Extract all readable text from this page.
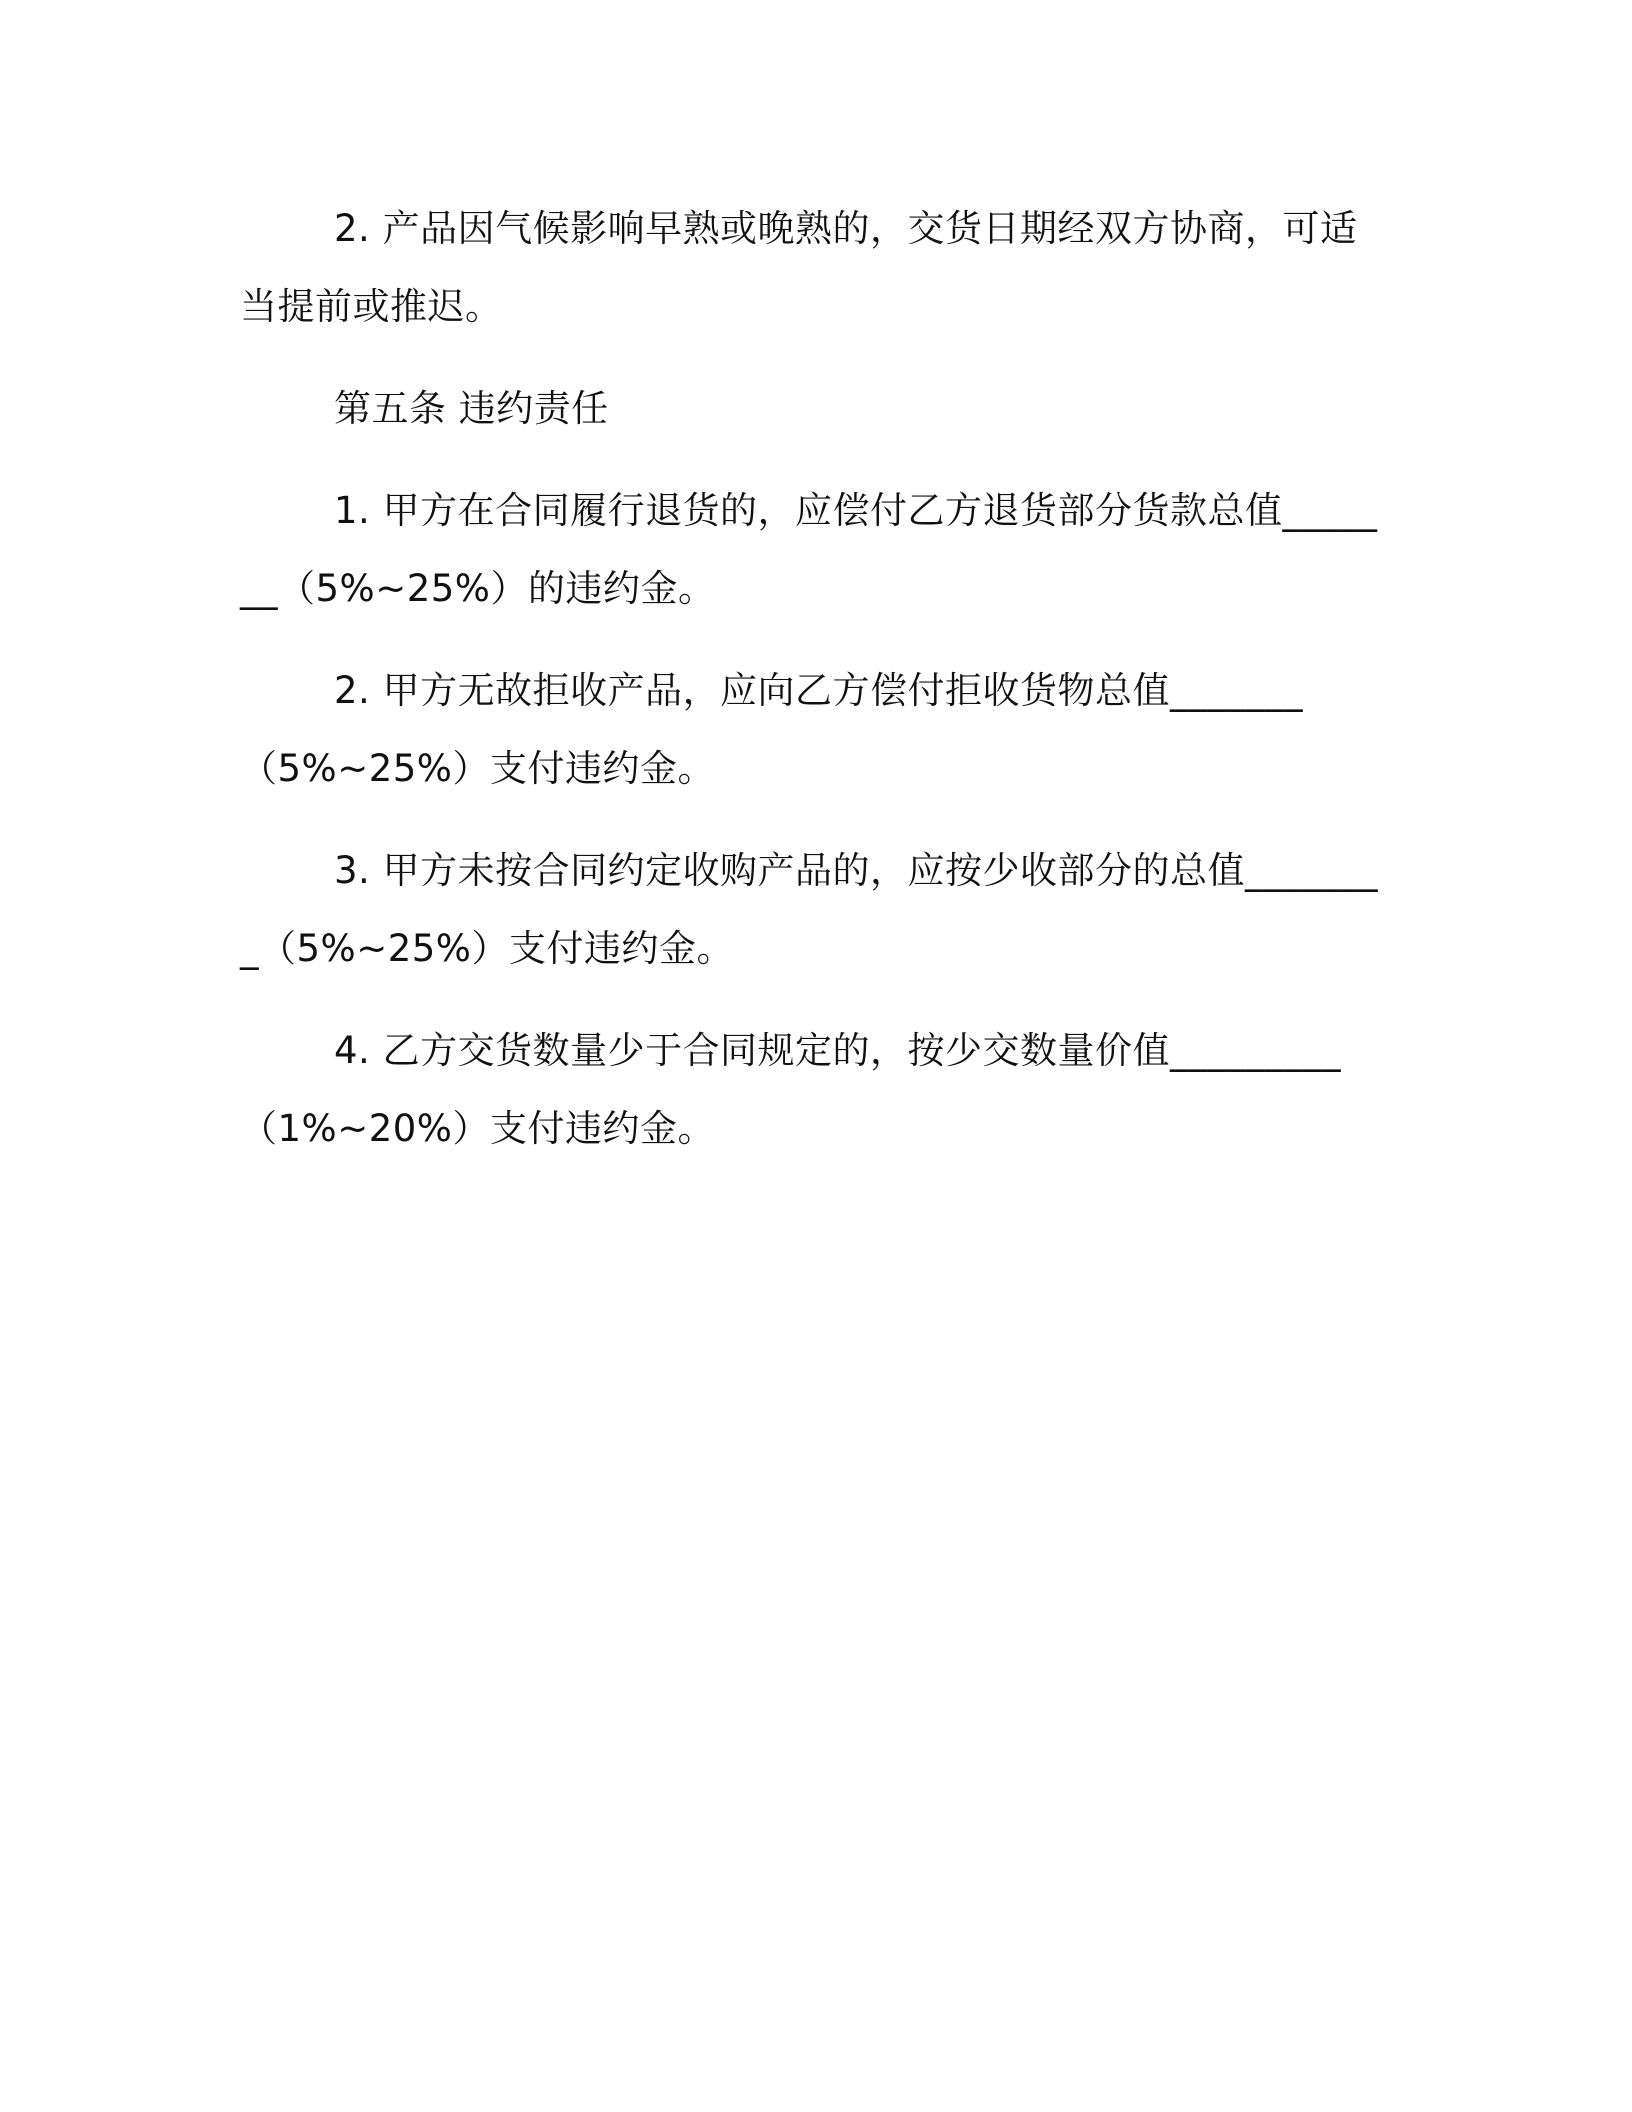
2. 产品因气候影响早熟或晚熟的，交货日期经双方协商，可适当提前或推迟。

第五条 违约责任

1. 甲方在合同履行退货的，应偿付乙方退货部分货款总值_______（5%~25%）的违约金。

2. 甲方无故拒收产品，应向乙方偿付拒收货物总值_______（5%~25%）支付违约金。

3. 甲方未按合同约定收购产品的，应按少收部分的总值________（5%~25%）支付违约金。

4. 乙方交货数量少于合同规定的，按少交数量价值_________（1%~20%）支付违约金。
